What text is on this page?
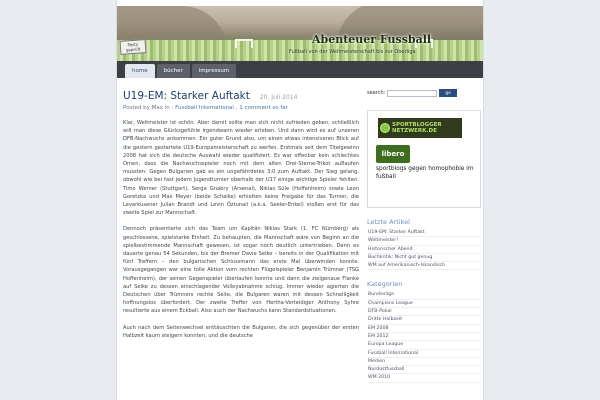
Posty geprüft
Abenteuer Fussball
Fußball von der Weltmeisterschaft bis zur Oberliga
home	bücher	impressum
U19-EM: Starker Auftakt 20. Juli 2014
Posted by Max in : Fussball International , 1 comment so far

Klar, Weltmeister ist schön. Aber damit sollte man sich nicht zufrieden geben, schließlich will man diese Glücksgefühle irgendwann wieder erleben. Und dann wird es auf unseren DFB-Nachwuchs ankommen. Ein guter Grund also, um einen etwas intensiveren Blick auf die gestern gestartete U19-Europameisterschaft zu werfen. Erstmals seit dem Titelgewinn 2008 hat sich die deutsche Auswahl wieder qualifiziert. Es war offenbar kein schlechtes Omen, dass die Nachwuchsspieler noch mit dem alten Drei-Sterne-Trikot auflaufen mussten: Gegen Bulgarien gab es ein ungefährdetes 3:0 zum Auftakt. Der Sieg gelang, obwohl wie bei fast jedem Jugendturnier oberhalb der U17 einige wichtige Spieler fehlten. Timo Werner (Stuttgart), Serge Gnabry (Arsenal), Niklas Süle (Hoffenheim) sowie Leon Goretzka und Max Meyer (beide Schalke) erhielten keine Freigabe für das Turnier, die Leverkusener Julian Brandt und Levin Öztunali (a.k.a. Seeler-Enkel) stoßen erst für das zweite Spiel zur Mannschaft.

Dennoch präsentierte sich das Team um Kapitän Niklas Stark (1. FC Nürnberg) als geschlossene, spielstarke Einheit. Zu behaupten, die Mannschaft wäre von Beginn an die spielbestimmende Mannschaft gewesen, ist sogar noch deutlich untertrieben. Denn es dauerte genau 54 Sekunden, bis der Bremer Davie Selke – bereits in der Qualifikation mit fünf Treffern – den bulgarischen Schlussmann das erste Mal überwinden konnte. Vorausgegangen war eine tolle Aktion vom rechten Flügelspieler Benjamin Trümner (TSG Hoffenheim), der seinen Gegenspieler überlaufen konnte und dann die zielgenaue Flanke auf Selke zu dessen einschlagender Volleyabnahme schlug. Immer wieder agierten die Deutschen über Trümners rechte Seite, die Bulgaren waren mit dessen Schnelligkeit hoffnungslos überfordert. Der zweite Treffer von Hertha-Verteidiger Anthony Syhre resultierte aus einem Eckball. Also auch der Nachwuchs kann Standardsituationen.

Auch nach dem Seitenwechsel enttäuschten die Bulgaren, die sich gegenüber der ersten Halbzeit kaum steigern konnten, und die deutsche

search:	go
SPORTBLOGGER
NETZWERK.DE
libero
sportblogs gegen homophobie im fußball
Letzte Artikel
U19-EM: Starker Auftakt
Weltmeister!
Historischer Abend
Buchkritik: Nicht gut genug
WM auf Amerikanisch-Iskandisch
Kategorien
Bundesliga
Champions League
DFB-Pokal
Dritte Halbzeit
EM 2008
EM 2012
Europa League
Fussball International
Medien
Nordostfussball
WM 2010
